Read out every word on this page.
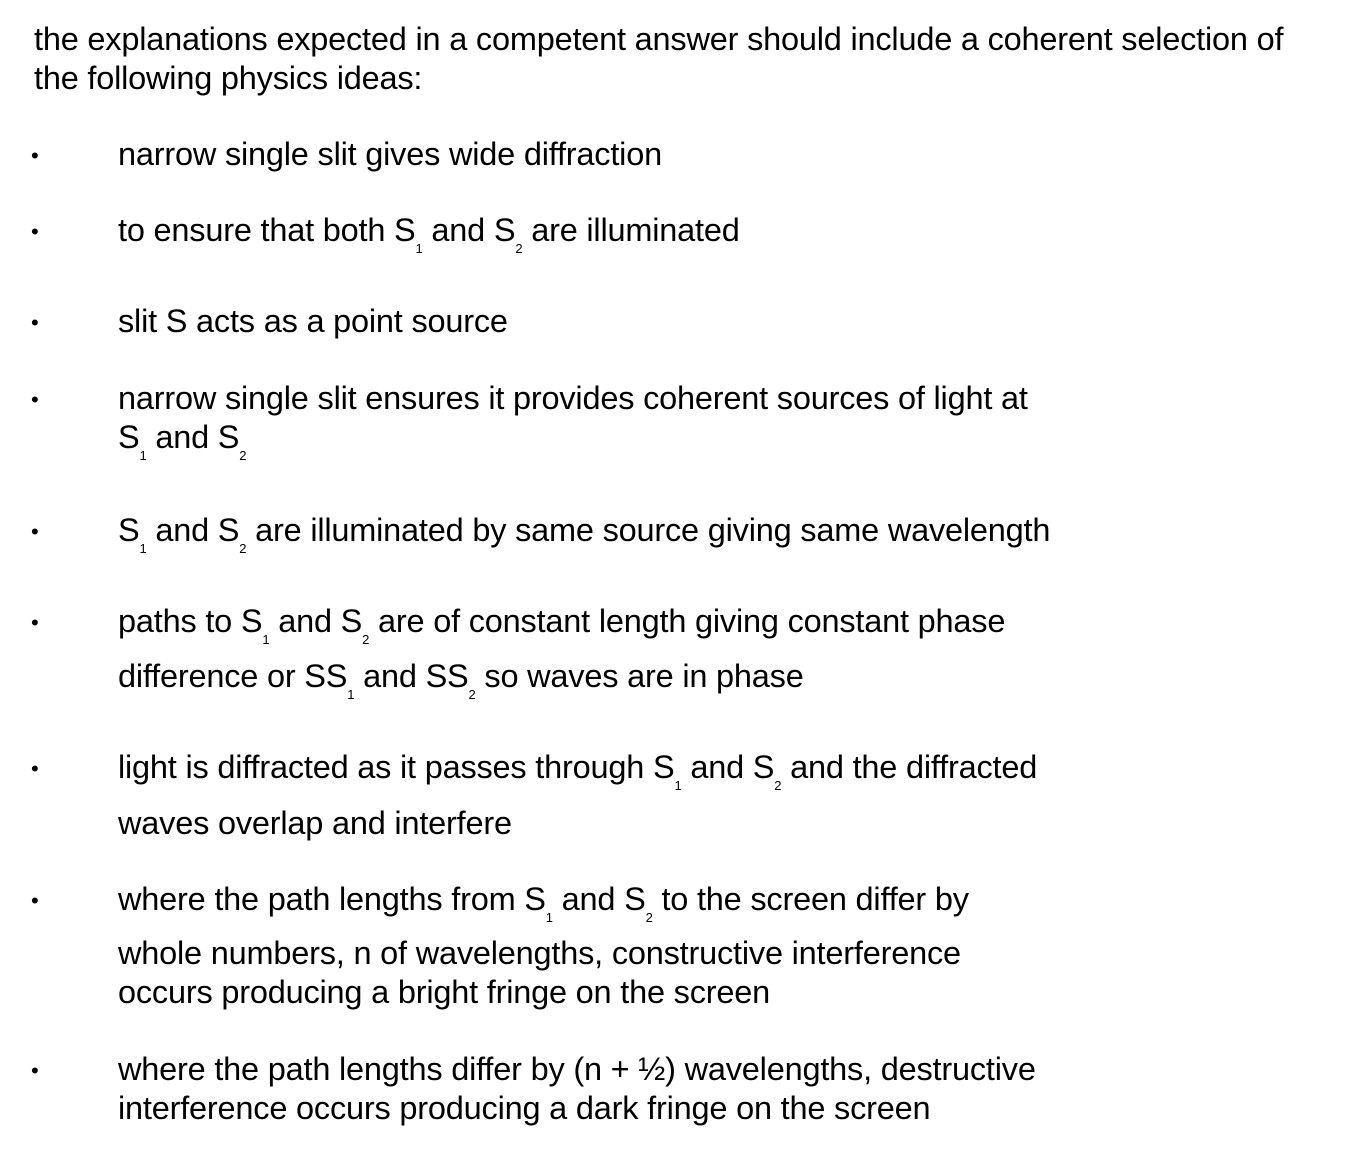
the explanations expected in a competent answer should include a coherent selection of
the following physics ideas:
• narrow single slit gives wide diffraction
• to ensure that both $S_1$ and $S_2$ are illuminated
• slit S acts as a point source
• narrow single slit ensures it provides coherent sources of light at
$S_1$ and $S_2$
• $S_1$ and $S_2$ are illuminated by same source giving same wavelength
• paths to $S_1$ and $S_2$ are of constant length giving constant phase
difference or $SS_1$ and $SS_2$ so waves are in phase
• light is diffracted as it passes through $S_1$ and $S_2$ and the diffracted
waves overlap and interfere
• where the path lengths from $S_1$ and $S_2$ to the screen differ by
whole numbers, n of wavelengths, constructive interference
occurs producing a bright fringe on the screen
• where the path lengths differ by (n + ½) wavelengths, destructive
interference occurs producing a dark fringe on the screen
